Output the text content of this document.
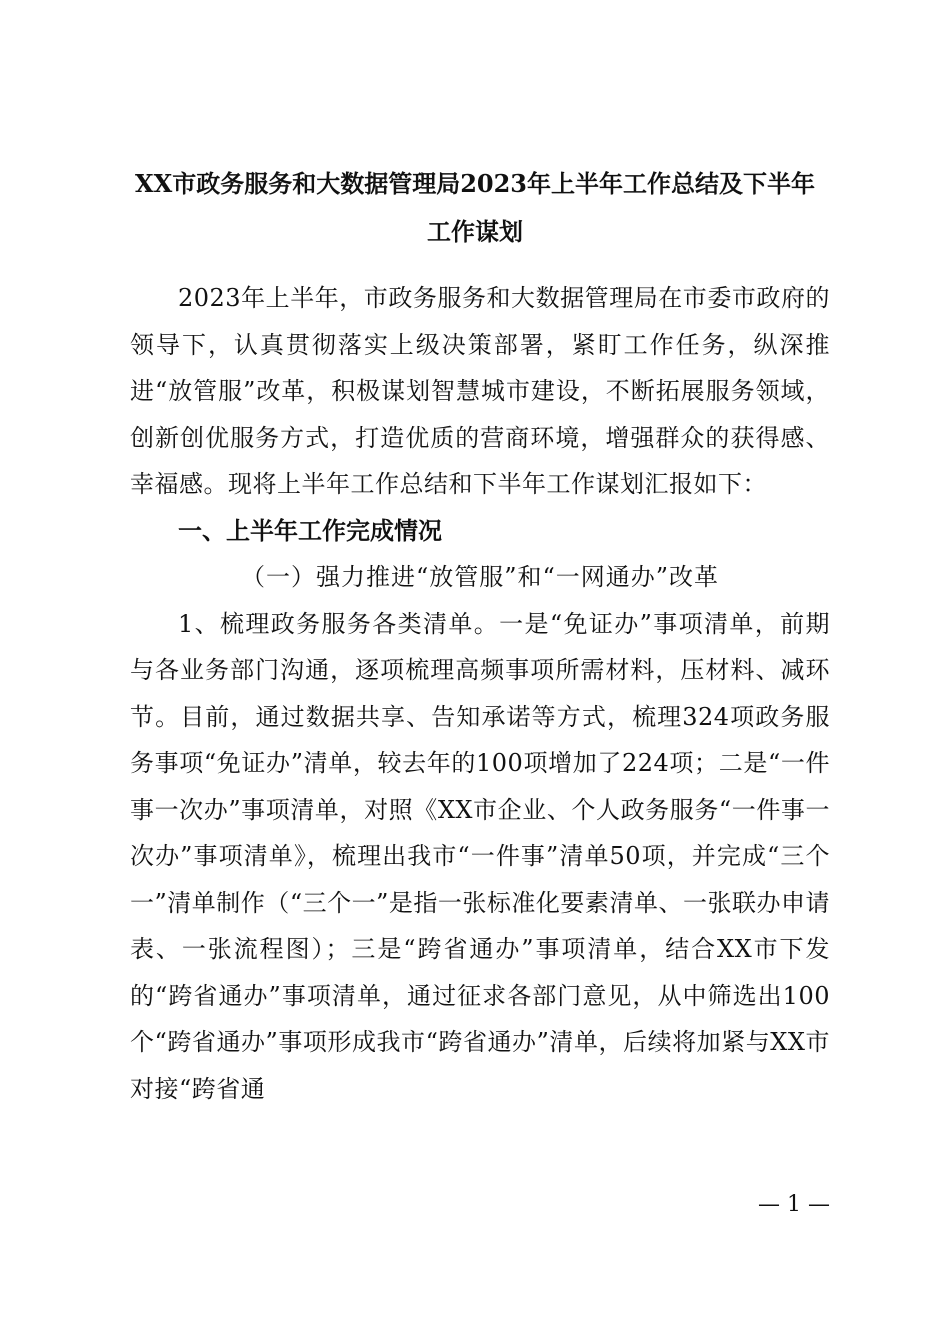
XX市政务服务和大数据管理局2023年上半年工作总结及下半年
工作谋划

2023年上半年，市政务服务和大数据管理局在市委市政府的领导下，认真贯彻落实上级决策部署，紧盯工作任务，纵深推进“放管服”改革，积极谋划智慧城市建设，不断拓展服务领域，创新创优服务方式，打造优质的营商环境，增强群众的获得感、幸福感。现将上半年工作总结和下半年工作谋划汇报如下：

一、上半年工作完成情况

（一）强力推进“放管服”和“一网通办”改革

1、梳理政务服务各类清单。一是“免证办”事项清单，前期与各业务部门沟通，逐项梳理高频事项所需材料，压材料、减环节。目前，通过数据共享、告知承诺等方式，梳理324项政务服务事项“免证办”清单，较去年的100项增加了224项；二是“一件事一次办”事项清单，对照《XX市企业、个人政务服务“一件事一次办”事项清单》，梳理出我市“一件事”清单50项，并完成“三个一”清单制作（“三个一”是指一张标准化要素清单、一张联办申请表、一张流程图）；三是“跨省通办”事项清单，结合XX市下发的“跨省通办”事项清单，通过征求各部门意见，从中筛选出100个“跨省通办”事项形成我市“跨省通办”清单，后续将加紧与XX市对接“跨省通

— 1 —
